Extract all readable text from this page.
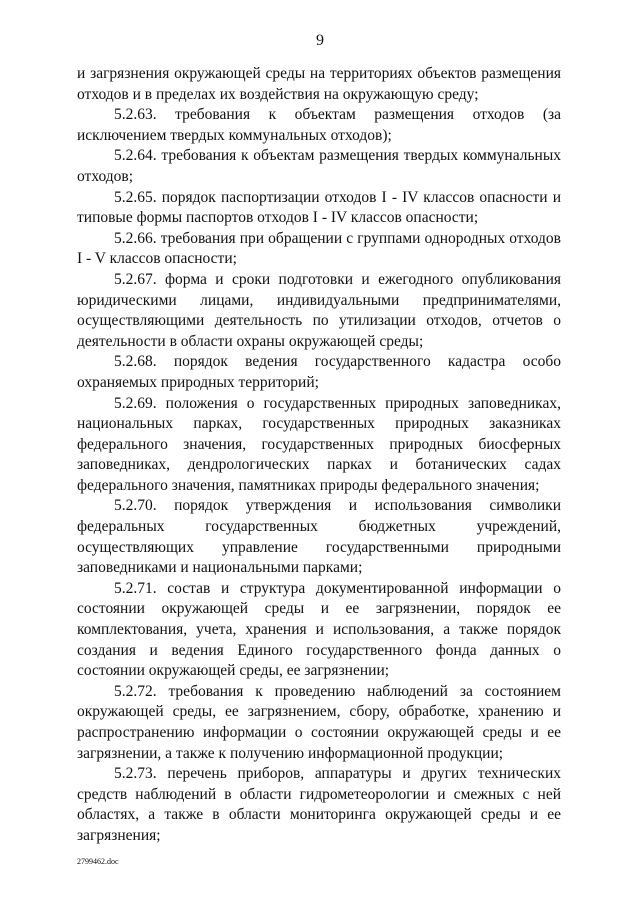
9

и загрязнения окружающей среды на территориях объектов размещения отходов и в пределах их воздействия на окружающую среду;

5.2.63. требования к объектам размещения отходов (за исключением твердых коммунальных отходов);

5.2.64. требования к объектам размещения твердых коммунальных отходов;

5.2.65. порядок паспортизации отходов I - IV классов опасности и типовые формы паспортов отходов I - IV классов опасности;

5.2.66. требования при обращении с группами однородных отходов I - V классов опасности;

5.2.67. форма и сроки подготовки и ежегодного опубликования юридическими лицами, индивидуальными предпринимателями, осуществляющими деятельность по утилизации отходов, отчетов о деятельности в области охраны окружающей среды;

5.2.68. порядок ведения государственного кадастра особо охраняемых природных территорий;

5.2.69. положения о государственных природных заповедниках, национальных парках, государственных природных заказниках федерального значения, государственных природных биосферных заповедниках, дендрологических парках и ботанических садах федерального значения, памятниках природы федерального значения;

5.2.70. порядок утверждения и использования символики федеральных государственных бюджетных учреждений, осуществляющих управление государственными природными заповедниками и национальными парками;

5.2.71. состав и структура документированной информации о состоянии окружающей среды и ее загрязнении, порядок ее комплектования, учета, хранения и использования, а также порядок создания и ведения Единого государственного фонда данных о состоянии окружающей среды, ее загрязнении;

5.2.72. требования к проведению наблюдений за состоянием окружающей среды, ее загрязнением, сбору, обработке, хранению и распространению информации о состоянии окружающей среды и ее загрязнении, а также к получению информационной продукции;

5.2.73. перечень приборов, аппаратуры и других технических средств наблюдений в области гидрометеорологии и смежных с ней областях, а также в области мониторинга окружающей среды и ее загрязнения;

2799462.doc
